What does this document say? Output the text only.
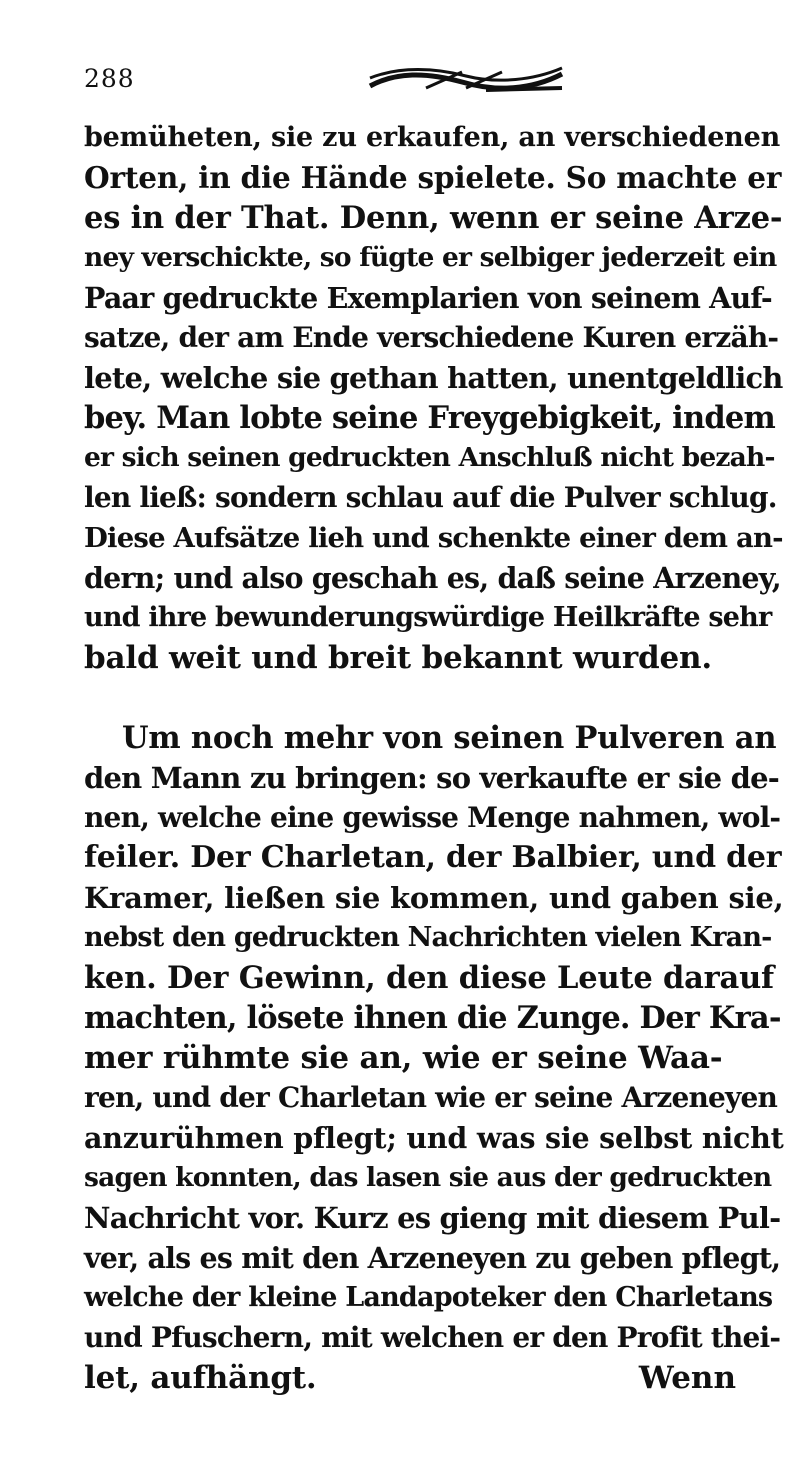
288
bemüheten, sie zu erkaufen, an verschiedenen
Orten, in die Hände spielete. So machte er
es in der That. Denn, wenn er seine Arze-
ney verschickte, so fügte er selbiger jederzeit ein
Paar gedruckte Exemplarien von seinem Auf-
satze, der am Ende verschiedene Kuren erzäh-
lete, welche sie gethan hatten, unentgeldlich
bey. Man lobte seine Freygebigkeit, indem
er sich seinen gedruckten Anschluß nicht bezah-
len ließ: sondern schlau auf die Pulver schlug.
Diese Aufsätze lieh und schenkte einer dem an-
dern; und also geschah es, daß seine Arzeney,
und ihre bewunderungswürdige Heilkräfte sehr
bald weit und breit bekannt wurden.
Um noch mehr von seinen Pulveren an
den Mann zu bringen: so verkaufte er sie de-
nen, welche eine gewisse Menge nahmen, wol-
feiler. Der Charletan, der Balbier, und der
Kramer, ließen sie kommen, und gaben sie,
nebst den gedruckten Nachrichten vielen Kran-
ken. Der Gewinn, den diese Leute darauf
machten, lösete ihnen die Zunge. Der Kra-
mer rühmte sie an, wie er seine Waa-
ren, und der Charletan wie er seine Arzeneyen
anzurühmen pflegt; und was sie selbst nicht
sagen konnten, das lasen sie aus der gedruckten
Nachricht vor. Kurz es gieng mit diesem Pul-
ver, als es mit den Arzeneyen zu geben pflegt,
welche der kleine Landapoteker den Charletans
und Pfuschern, mit welchen er den Profit thei-
let, aufhängt.	Wenn
